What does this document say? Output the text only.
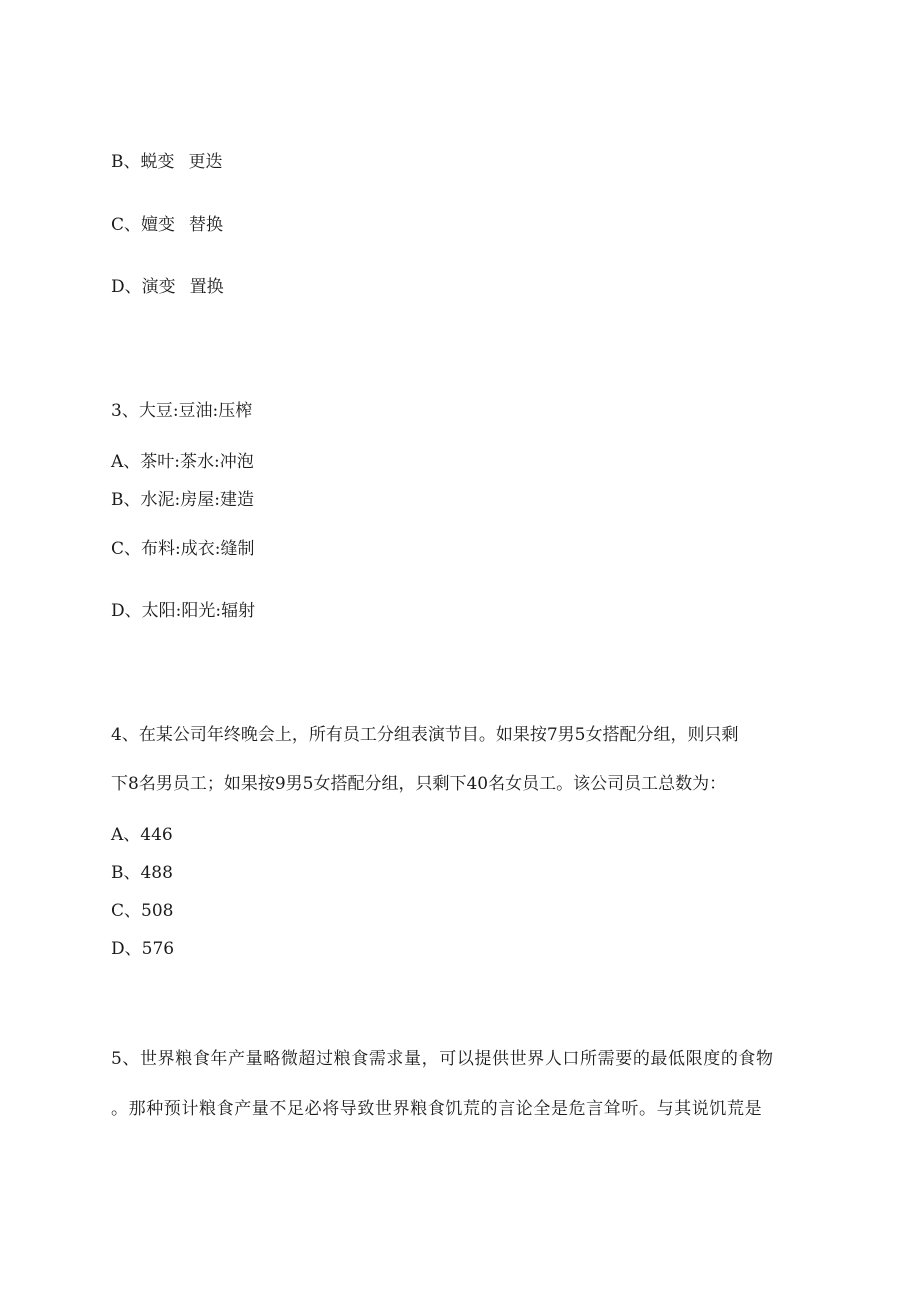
B、蜕变 更迭
C、嬗变 替换
D、演变 置换
3、大豆:豆油:压榨
A、茶叶:茶水:冲泡
B、水泥:房屋:建造
C、布料:成衣:缝制
D、太阳:阳光:辐射
4、在某公司年终晚会上，所有员工分组表演节目。如果按7男5女搭配分组，则只剩
下8名男员工；如果按9男5女搭配分组，只剩下40名女员工。该公司员工总数为：
A、446
B、488
C、508
D、576
5、世界粮食年产量略微超过粮食需求量，可以提供世界人口所需要的最低限度的食物
。那种预计粮食产量不足必将导致世界粮食饥荒的言论全是危言耸听。与其说饥荒是
